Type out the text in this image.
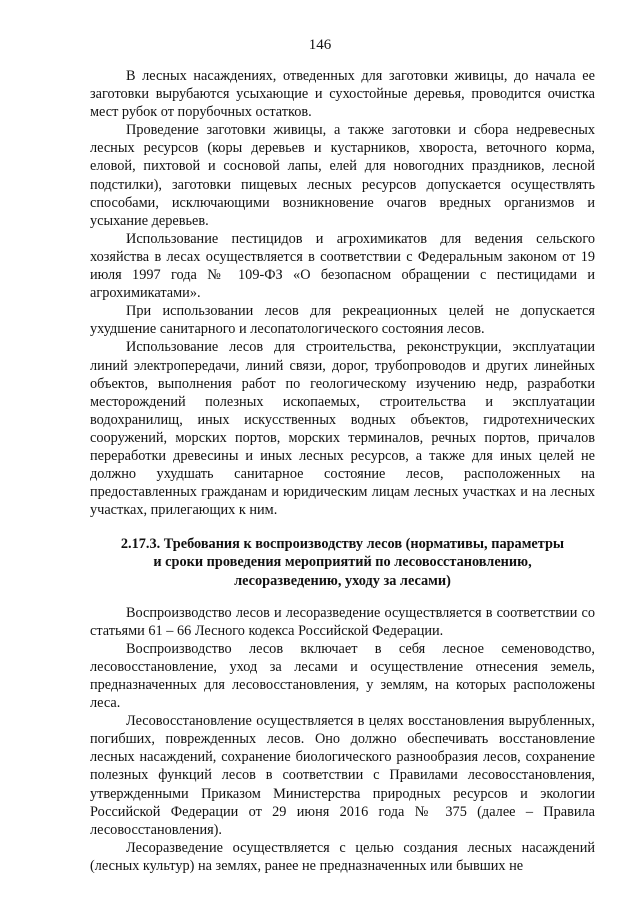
146

В лесных насаждениях, отведенных для заготовки живицы, до начала ее заготовки вырубаются усыхающие и сухостойные деревья, проводится очистка мест рубок от порубочных остатков.

Проведение заготовки живицы, а также заготовки и сбора недревесных лесных ресурсов (коры деревьев и кустарников, хвороста, веточного корма, еловой, пихтовой и сосновой лапы, елей для новогодних праздников, лесной подстилки), заготовки пищевых лесных ресурсов допускается осуществлять способами, исключающими возникновение очагов вредных организмов и усыхание деревьев.

Использование пестицидов и агрохимикатов для ведения сельского хозяйства в лесах осуществляется в соответствии с Федеральным законом от 19 июля 1997 года № 109-ФЗ «О безопасном обращении с пестицидами и агрохимикатами».

При использовании лесов для рекреационных целей не допускается ухудшение санитарного и лесопатологического состояния лесов.

Использование лесов для строительства, реконструкции, эксплуатации линий электропередачи, линий связи, дорог, трубопроводов и других линейных объектов, выполнения работ по геологическому изучению недр, разработки месторождений полезных ископаемых, строительства и эксплуатации водохранилищ, иных искусственных водных объектов, гидротехнических сооружений, морских портов, морских терминалов, речных портов, причалов переработки древесины и иных лесных ресурсов, а также для иных целей не должно ухудшать санитарное состояние лесов, расположенных на предоставленных гражданам и юридическим лицам лесных участках и на лесных участках, прилегающих к ним.

2.17.3. Требования к воспроизводству лесов (нормативы, параметры
и сроки проведения мероприятий по лесовосстановлению,
лесоразведению, уходу за лесами)

Воспроизводство лесов и лесоразведение осуществляется в соответствии со статьями 61 – 66 Лесного кодекса Российской Федерации.

Воспроизводство лесов включает в себя лесное семеноводство, лесовосстановление, уход за лесами и осуществление отнесения земель, предназначенных для лесовосстановления, у землям, на которых расположены леса.

Лесовосстановление осуществляется в целях восстановления вырубленных, погибших, поврежденных лесов. Оно должно обеспечивать восстановление лесных насаждений, сохранение биологического разнообразия лесов, сохранение полезных функций лесов в соответствии с Правилами лесовосстановления, утвержденными Приказом Министерства природных ресурсов и экологии Российской Федерации от 29 июня 2016 года № 375 (далее – Правила лесовосстановления).

Лесоразведение осуществляется с целью создания лесных насаждений (лесных культур) на землях, ранее не предназначенных или бывших не
